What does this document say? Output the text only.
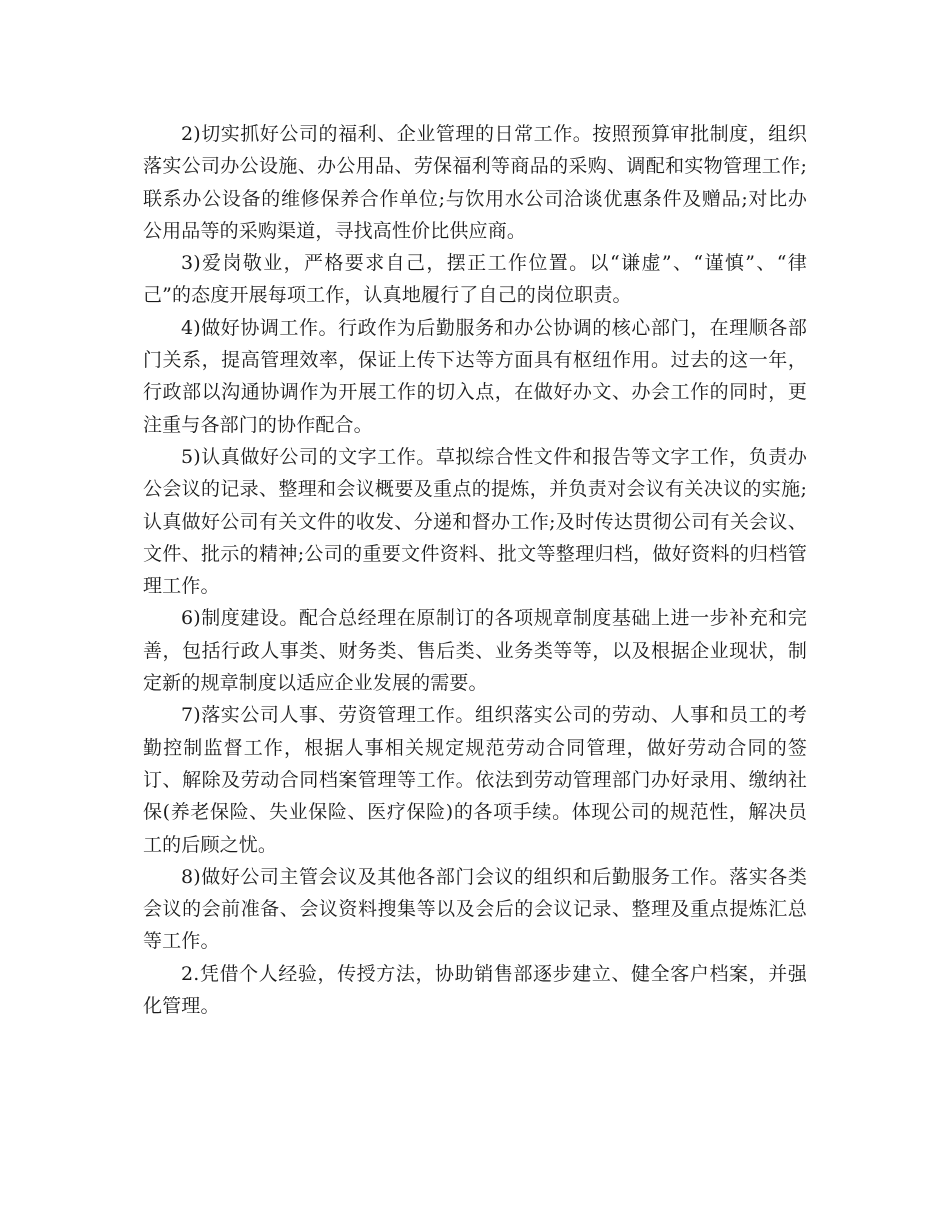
2)切实抓好公司的福利、企业管理的日常工作。按照预算审批制度，组织落实公司办公设施、办公用品、劳保福利等商品的采购、调配和实物管理工作;联系办公设备的维修保养合作单位;与饮用水公司洽谈优惠条件及赠品;对比办公用品等的采购渠道，寻找高性价比供应商。

3)爱岗敬业，严格要求自己，摆正工作位置。以“谦虚”、“谨慎”、“律己”的态度开展每项工作，认真地履行了自己的岗位职责。

4)做好协调工作。行政作为后勤服务和办公协调的核心部门，在理顺各部门关系，提高管理效率，保证上传下达等方面具有枢纽作用。过去的这一年，行政部以沟通协调作为开展工作的切入点，在做好办文、办会工作的同时，更注重与各部门的协作配合。

5)认真做好公司的文字工作。草拟综合性文件和报告等文字工作，负责办公会议的记录、整理和会议概要及重点的提炼，并负责对会议有关决议的实施;认真做好公司有关文件的收发、分递和督办工作;及时传达贯彻公司有关会议、文件、批示的精神;公司的重要文件资料、批文等整理归档，做好资料的归档管理工作。

6)制度建设。配合总经理在原制订的各项规章制度基础上进一步补充和完善，包括行政人事类、财务类、售后类、业务类等等，以及根据企业现状，制定新的规章制度以适应企业发展的需要。

7)落实公司人事、劳资管理工作。组织落实公司的劳动、人事和员工的考勤控制监督工作，根据人事相关规定规范劳动合同管理，做好劳动合同的签订、解除及劳动合同档案管理等工作。依法到劳动管理部门办好录用、缴纳社保(养老保险、失业保险、医疗保险)的各项手续。体现公司的规范性，解决员工的后顾之忧。

8)做好公司主管会议及其他各部门会议的组织和后勤服务工作。落实各类会议的会前准备、会议资料搜集等以及会后的会议记录、整理及重点提炼汇总等工作。

2.凭借个人经验，传授方法，协助销售部逐步建立、健全客户档案，并强化管理。
